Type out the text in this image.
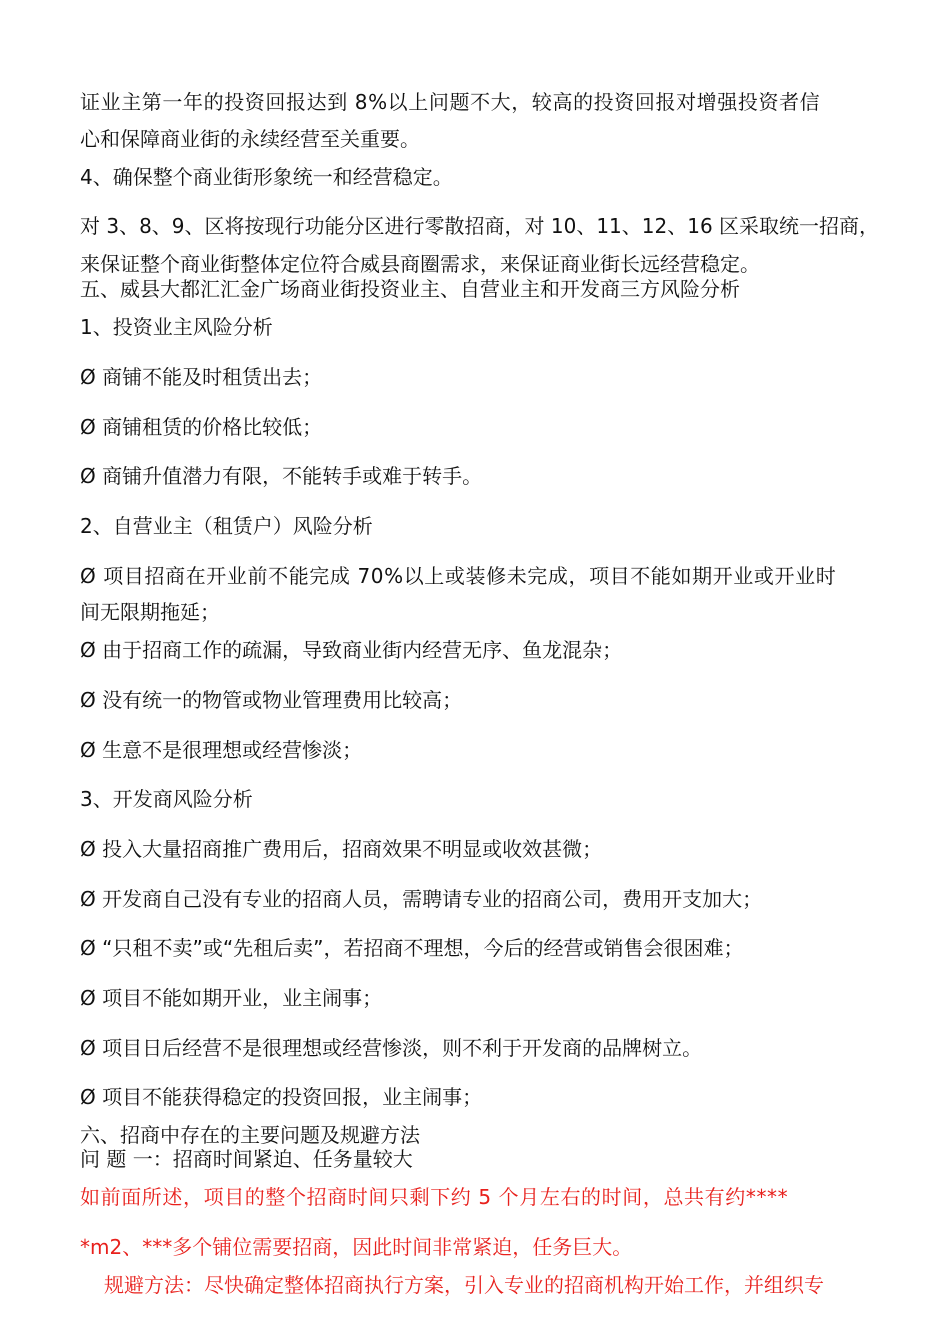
证业主第一年的投资回报达到 8%以上问题不大，较高的投资回报对增强投资者信
心和保障商业街的永续经营至关重要。
4、确保整个商业街形象统一和经营稳定。
对 3、8、9、区将按现行功能分区进行零散招商，对 10、11、12、16 区采取统一招商，
来保证整个商业街整体定位符合威县商圈需求，来保证商业街长远经营稳定。
五、威县大都汇汇金广场商业街投资业主、自营业主和开发商三方风险分析
1、投资业主风险分析
Ø 商铺不能及时租赁出去；
Ø 商铺租赁的价格比较低；
Ø 商铺升值潜力有限，不能转手或难于转手。
2、自营业主（租赁户）风险分析
Ø 项目招商在开业前不能完成 70%以上或装修未完成，项目不能如期开业或开业时
间无限期拖延；
Ø 由于招商工作的疏漏，导致商业街内经营无序、鱼龙混杂；
Ø 没有统一的物管或物业管理费用比较高；
Ø 生意不是很理想或经营惨淡；
3、开发商风险分析
Ø 投入大量招商推广费用后，招商效果不明显或收效甚微；
Ø 开发商自己没有专业的招商人员，需聘请专业的招商公司，费用开支加大；
Ø “只租不卖”或“先租后卖”，若招商不理想，今后的经营或销售会很困难；
Ø 项目不能如期开业，业主闹事；
Ø 项目日后经营不是很理想或经营惨淡，则不利于开发商的品牌树立。
Ø 项目不能获得稳定的投资回报，业主闹事；
六、招商中存在的主要问题及规避方法
问 题 一：招商时间紧迫、任务量较大
如前面所述，项目的整个招商时间只剩下约 5 个月左右的时间，总共有约****
*m2、***多个铺位需要招商，因此时间非常紧迫，任务巨大。
规避方法：尽快确定整体招商执行方案，引入专业的招商机构开始工作，并组织专
